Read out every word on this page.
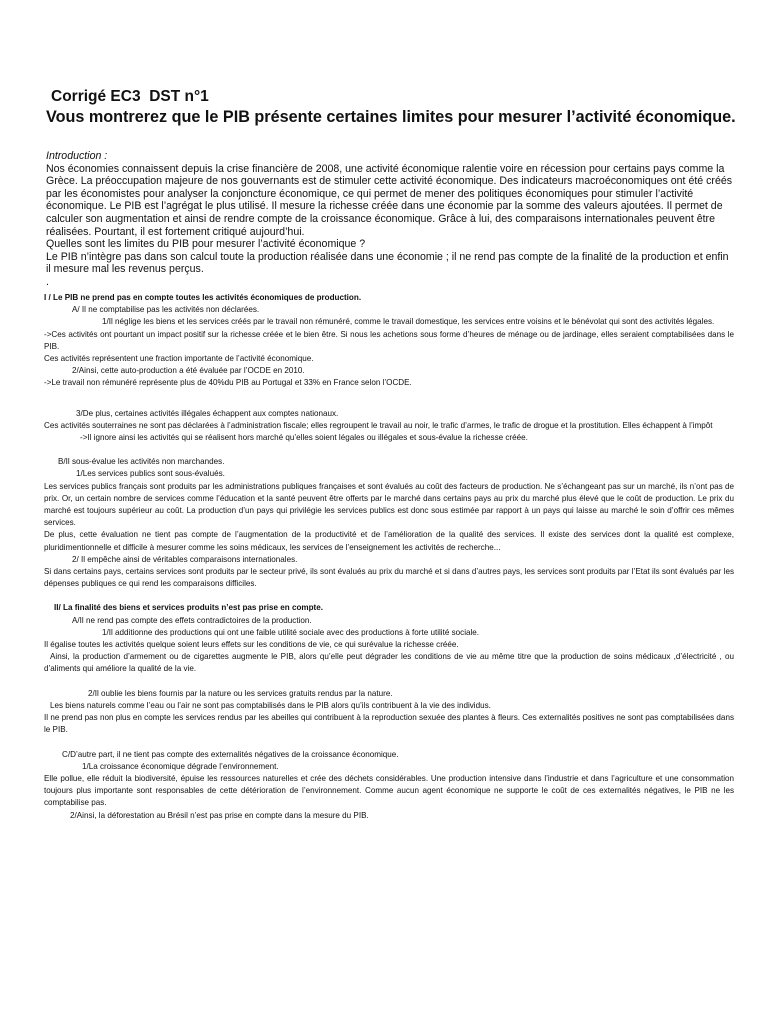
Corrigé EC3  DST n°1
Vous montrerez que le PIB présente certaines limites pour mesurer l’activité économique.

Introduction :

Nos économies connaissent depuis la crise financière de 2008, une activité économique ralentie voire en récession pour certains pays comme la Grèce. La préoccupation majeure de nos gouvernants est de stimuler cette activité économique. Des indicateurs macroéconomiques ont été créés par les économistes pour analyser la conjoncture économique, ce qui permet de mener des politiques économiques pour stimuler l’activité économique. Le PIB est l’agrégat le plus utilisé. Il mesure la richesse créée dans une économie par la somme des valeurs ajoutées. Il permet de calculer son augmentation et ainsi de rendre compte de la croissance économique. Grâce à lui, des comparaisons internationales peuvent être réalisées. Pourtant, il est fortement critiqué aujourd’hui.

Quelles sont les limites du PIB pour mesurer l’activité économique ?

Le PIB n’intègre pas dans son calcul toute la production réalisée dans une économie ; il ne rend pas compte de la finalité de la production et enfin il mesure mal les revenus perçus.

.

I / Le PIB ne prend pas en compte toutes les activités économiques de production.

A/ Il ne comptabilise pas les activités non déclarées.

1/Il néglige les biens et les services créés par le travail non rémunéré, comme le travail domestique, les services entre voisins et le bénévolat qui sont des activités légales.

->Ces activités ont pourtant un impact positif sur la richesse créée et le bien être. Si nous les achetions sous forme d’heures de ménage ou de jardinage, elles seraient comptabilisées dans le PIB.

Ces activités représentent une fraction importante de l’activité économique.

2/Ainsi, cette auto-production a été évaluée par l’OCDE en 2010.

->Le travail non rémunéré représente plus de 40%du PIB au Portugal et 33% en France selon l’OCDE.

3/De plus, certaines activités illégales échappent aux comptes nationaux.

Ces activités souterraines ne sont pas déclarées à l’administration fiscale; elles regroupent le travail au noir, le trafic d’armes, le trafic de drogue et la prostitution. Elles échappent à l’impôt

->Il ignore ainsi les activités qui se réalisent hors marché qu’elles soient légales ou illégales et sous-évalue la richesse créée.

B/Il sous-évalue les activités non marchandes.

1/Les services publics sont sous-évalués.

Les services publics français sont produits par les administrations publiques françaises et sont évalués au coût des facteurs de production. Ne s’échangeant pas sur un marché, ils n’ont pas de prix. Or, un certain nombre de services comme l’éducation et la santé peuvent être offerts par le marché dans certains pays au prix du marché plus élevé que le coût de production. Le prix du marché est toujours supérieur au coût. La production d’un pays qui privilégie les services publics est donc sous estimée par rapport à un pays qui laisse au marché le soin d’offrir ces mêmes services.

De plus, cette évaluation ne tient pas compte de l’augmentation de la productivité et de l’amélioration de la qualité des services. Il existe des services dont la qualité est complexe, pluridimentionnelle et difficile à mesurer comme les soins médicaux, les services de l’enseignement les activités de recherche...

2/ Il empêche ainsi de véritables comparaisons internationales.

Si dans certains pays, certains services sont produits par le secteur privé, ils sont évalués au prix du marché et si dans d’autres pays, les services sont produits par l’Etat ils sont évalués par les dépenses publiques ce qui rend les comparaisons difficiles.

II/ La finalité des biens et services produits n’est pas prise en compte.

A/Il ne rend pas compte des effets contradictoires de la production.

1/Il additionne des productions qui ont une faible utilité sociale avec des productions à forte utilité sociale.

Il égalise toutes les activités quelque soient leurs effets sur les conditions de vie, ce qui surévalue la richesse créée.

Ainsi, la production d’armement ou de cigarettes augmente le PIB, alors qu’elle peut dégrader les conditions de vie au même titre que la production de soins médicaux ,d’électricité , ou d’aliments qui améliore la qualité de la vie.

2/Il oublie les biens fournis par la nature ou les services gratuits rendus par la nature.

Les biens naturels comme l’eau ou l’air ne sont pas comptabilisés dans le PIB alors qu’ils contribuent à la vie des individus.

Il ne prend pas non plus en compte les services rendus par les abeilles qui contribuent à la reproduction sexuée des plantes à fleurs. Ces externalités positives ne sont pas comptabilisées dans le PIB.

C/D’autre part, il ne tient pas compte des externalités négatives de la croissance économique.

1/La croissance économique dégrade l’environnement.

Elle pollue, elle réduit la biodiversité, épuise les ressources naturelles et crée des déchets considérables. Une production intensive dans l’industrie et dans l’agriculture et une consommation toujours plus importante sont responsables de cette détérioration de l’environnement. Comme aucun agent économique ne supporte le coût de ces externalités négatives, le PIB ne les comptabilise pas.

2/Ainsi, la déforestation au Brésil n’est pas prise en compte dans la mesure du PIB.
